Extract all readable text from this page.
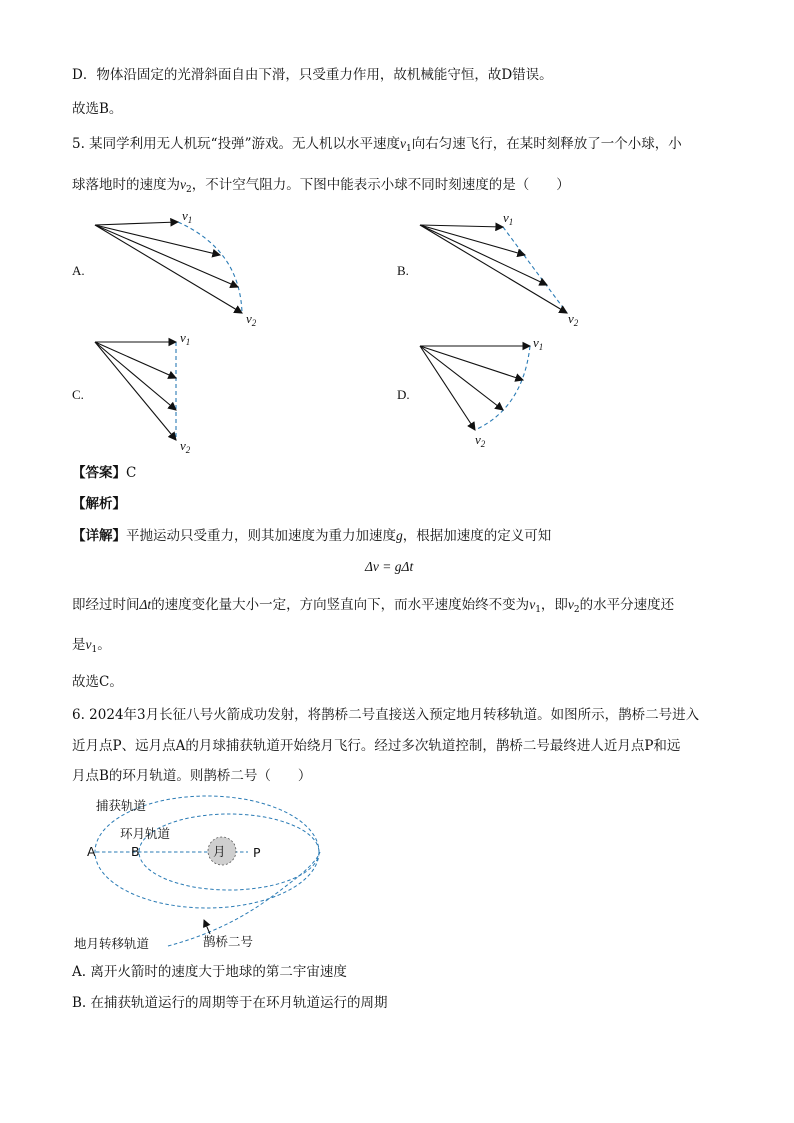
D．物体沿固定的光滑斜面自由下滑，只受重力作用，故机械能守恒，故D错误。
故选B。
5. 某同学利用无人机玩“投弹”游戏。无人机以水平速度$v_1$向右匀速飞行，在某时刻释放了一个小球，小
球落地时的速度为$v_2$，不计空气阻力。下图中能表示小球不同时刻速度的是（　　）
A.
$v_1$
$v_2$
B.
$v_1$
$v_2$
C.
$v_1$
$v_2$
D.
$v_1$
$v_2$
【答案】C
【解析】
【详解】平抛运动只受重力，则其加速度为重力加速度g，根据加速度的定义可知
Δv = gΔt
即经过时间Δt的速度变化量大小一定，方向竖直向下，而水平速度始终不变为$v_1$，即$v_2$的水平分速度还
是$v_1$。
故选C。
6. 2024年3月长征八号火箭成功发射，将鹊桥二号直接送入预定地月转移轨道。如图所示，鹊桥二号进入
近月点P、远月点A的月球捕获轨道开始绕月飞行。经过多次轨道控制，鹊桥二号最终进人近月点P和远
月点B的环月轨道。则鹊桥二号（　　）
月
A	B	P
捕获轨道
环月轨道
地月转移轨道	鹊桥二号
A. 离开火箭时的速度大于地球的第二宇宙速度
B. 在捕获轨道运行的周期等于在环月轨道运行的周期
